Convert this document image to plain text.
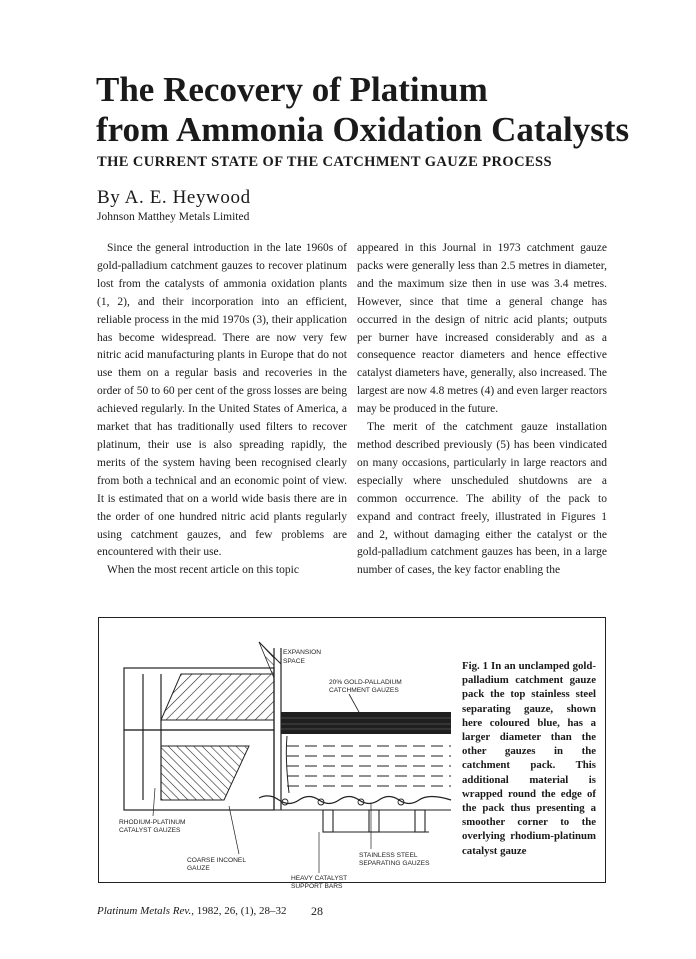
The Recovery of Platinum
from Ammonia Oxidation Catalysts

THE CURRENT STATE OF THE CATCHMENT GAUZE PROCESS

By A. E. Heywood

Johnson Matthey Metals Limited

Since the general introduction in the late 1960s of gold-palladium catchment gauzes to recover platinum lost from the catalysts of ammonia oxidation plants (1, 2), and their incorporation into an efficient, reliable process in the mid 1970s (3), their application has become widespread. There are now very few nitric acid manufacturing plants in Europe that do not use them on a regular basis and recoveries in the order of 50 to 60 per cent of the gross losses are being achieved regularly. In the United States of America, a market that has traditionally used filters to recover platinum, their use is also spreading rapidly, the merits of the system having been recognised clearly from both a technical and an economic point of view. It is estimated that on a world wide basis there are in the order of one hundred nitric acid plants regularly using catchment gauzes, and few problems are encountered with their use.

When the most recent article on this topic

appeared in this Journal in 1973 catchment gauze packs were generally less than 2.5 metres in diameter, and the maximum size then in use was 3.4 metres. However, since that time a general change has occurred in the design of nitric acid plants; outputs per burner have increased considerably and as a consequence reactor diameters and hence effective catalyst diameters have, generally, also increased. The largest are now 4.8 metres (4) and even larger reactors may be produced in the future.

The merit of the catchment gauze installation method described previously (5) has been vindicated on many occasions, particularly in large reactors and especially where unscheduled shutdowns are a common occurrence. The ability of the pack to expand and contract freely, illustrated in Figures 1 and 2, without damaging either the catalyst or the gold-palladium catchment gauzes has been, in a large number of cases, the key factor enabling the

EXPANSION
SPACE
20% GOLD-PALLADIUM
CATCHMENT GAUZES
RHODIUM-PLATINUM
CATALYST GAUZES
STAINLESS STEEL
SEPARATING GAUZES
COARSE INCONEL
GAUZE
HEAVY CATALYST
SUPPORT BARS

Fig. 1 In an unclamped gold-palladium catchment gauze pack the top stainless steel separating gauze, shown here coloured blue, has a larger diameter than the other gauzes in the catchment pack. This additional material is wrapped round the edge of the pack thus presenting a smoother corner to the overlying rhodium-platinum catalyst gauze

Platinum Metals Rev., 1982, 26, (1), 28–32 28
